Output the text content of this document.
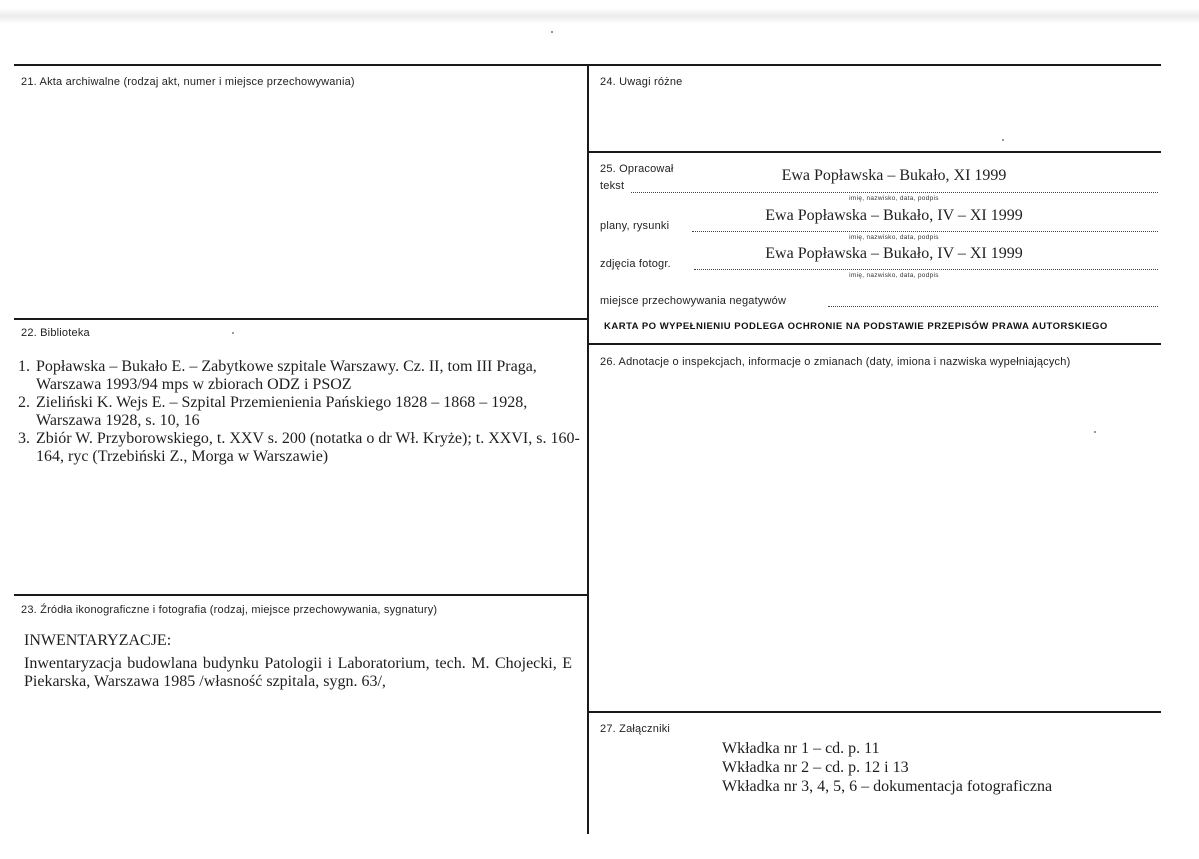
21. Akta archiwalne (rodzaj akt, numer i miejsce przechowywania)
22. Biblioteka
1. Popławska – Bukało E. – Zabytkowe szpitale Warszawy. Cz. II, tom III Praga, Warszawa 1993/94 mps w zbiorach ODZ i PSOZ
2. Zieliński K. Wejs E. – Szpital Przemienienia Pańskiego 1828 – 1868 – 1928, Warszawa 1928, s. 10, 16
3. Zbiór W. Przyborowskiego, t. XXV s. 200 (notatka o dr Wł. Kryże); t. XXVI, s. 160-164, ryc (Trzebiński Z., Morga w Warszawie)
23. Źródła ikonograficzne i fotografia (rodzaj, miejsce przechowywania, sygnatury)
INWENTARYZACJE:
Inwentaryzacja budowlana budynku Patologii i Laboratorium, tech. M. Chojecki, E Piekarska, Warszawa 1985 /własność szpitala, sygn. 63/,
24. Uwagi różne
25. Opracował
tekst
Ewa Popławska – Bukało, XI 1999
imię, nazwisko, data, podpis
plany, rysunki
Ewa Popławska – Bukało, IV – XI 1999
imię, nazwisko, data, podpis
zdjęcia fotogr.
Ewa Popławska – Bukało, IV – XI 1999
imię, nazwisko, data, podpis
miejsce przechowywania negatywów
KARTA PO WYPEŁNIENIU PODLEGA OCHRONIE NA PODSTAWIE PRZEPISÓW PRAWA AUTORSKIEGO
26. Adnotacje o inspekcjach, informacje o zmianach (daty, imiona i nazwiska wypełniających)
27. Załączniki
Wkładka nr 1 – cd. p. 11
Wkładka nr 2 – cd. p. 12 i 13
Wkładka nr 3, 4, 5, 6 – dokumentacja fotograficzna
